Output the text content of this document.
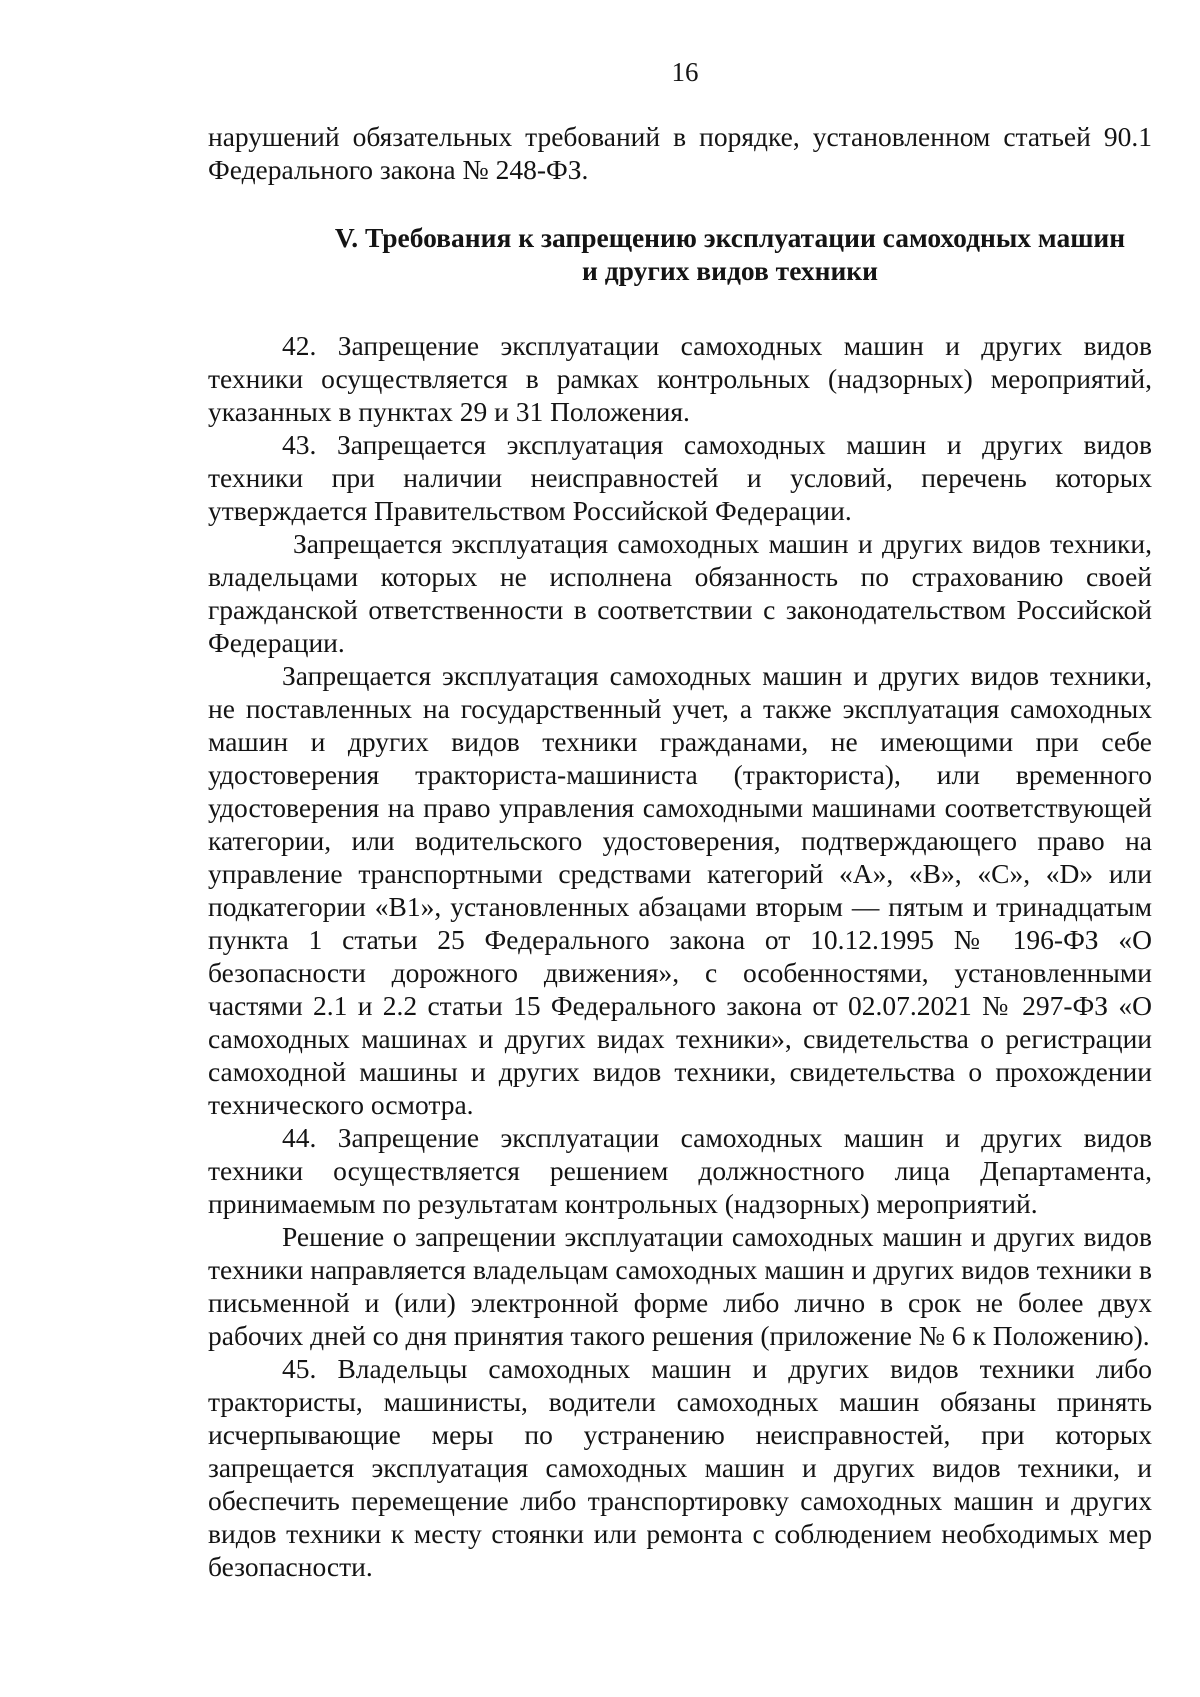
16

нарушений обязательных требований в порядке, установленном статьей 90.1 Федерального закона № 248-ФЗ.

V. Требования к запрещению эксплуатации самоходных машин
и других видов техники

42. Запрещение эксплуатации самоходных машин и других видов техники осуществляется в рамках контрольных (надзорных) мероприятий, указанных в пунктах 29 и 31 Положения.

43. Запрещается эксплуатация самоходных машин и других видов техники при наличии неисправностей и условий, перечень которых утверждается Правительством Российской Федерации.

Запрещается эксплуатация самоходных машин и других видов техники, владельцами которых не исполнена обязанность по страхованию своей гражданской ответственности в соответствии с законодательством Российской Федерации.

Запрещается эксплуатация самоходных машин и других видов техники, не поставленных на государственный учет, а также эксплуатация самоходных машин и других видов техники гражданами, не имеющими при себе удостоверения тракториста-машиниста (тракториста), или временного удостоверения на право управления самоходными машинами соответствующей категории, или водительского удостоверения, подтверждающего право на управление транспортными средствами категорий «А», «В», «С», «D» или подкатегории «В1», установленных абзацами вторым — пятым и тринадцатым пункта 1 статьи 25 Федерального закона от 10.12.1995 № 196-ФЗ «О безопасности дорожного движения», с особенностями, установленными частями 2.1 и 2.2 статьи 15 Федерального закона от 02.07.2021 № 297-ФЗ «О самоходных машинах и других видах техники», свидетельства о регистрации самоходной машины и других видов техники, свидетельства о прохождении технического осмотра.

44. Запрещение эксплуатации самоходных машин и других видов техники осуществляется решением должностного лица Департамента, принимаемым по результатам контрольных (надзорных) мероприятий.

Решение о запрещении эксплуатации самоходных машин и других видов техники направляется владельцам самоходных машин и других видов техники в письменной и (или) электронной форме либо лично в срок не более двух рабочих дней со дня принятия такого решения (приложение № 6 к Положению).

45. Владельцы самоходных машин и других видов техники либо трактористы, машинисты, водители самоходных машин обязаны принять исчерпывающие меры по устранению неисправностей, при которых запрещается эксплуатация самоходных машин и других видов техники, и обеспечить перемещение либо транспортировку самоходных машин и других видов техники к месту стоянки или ремонта с соблюдением необходимых мер безопасности.
